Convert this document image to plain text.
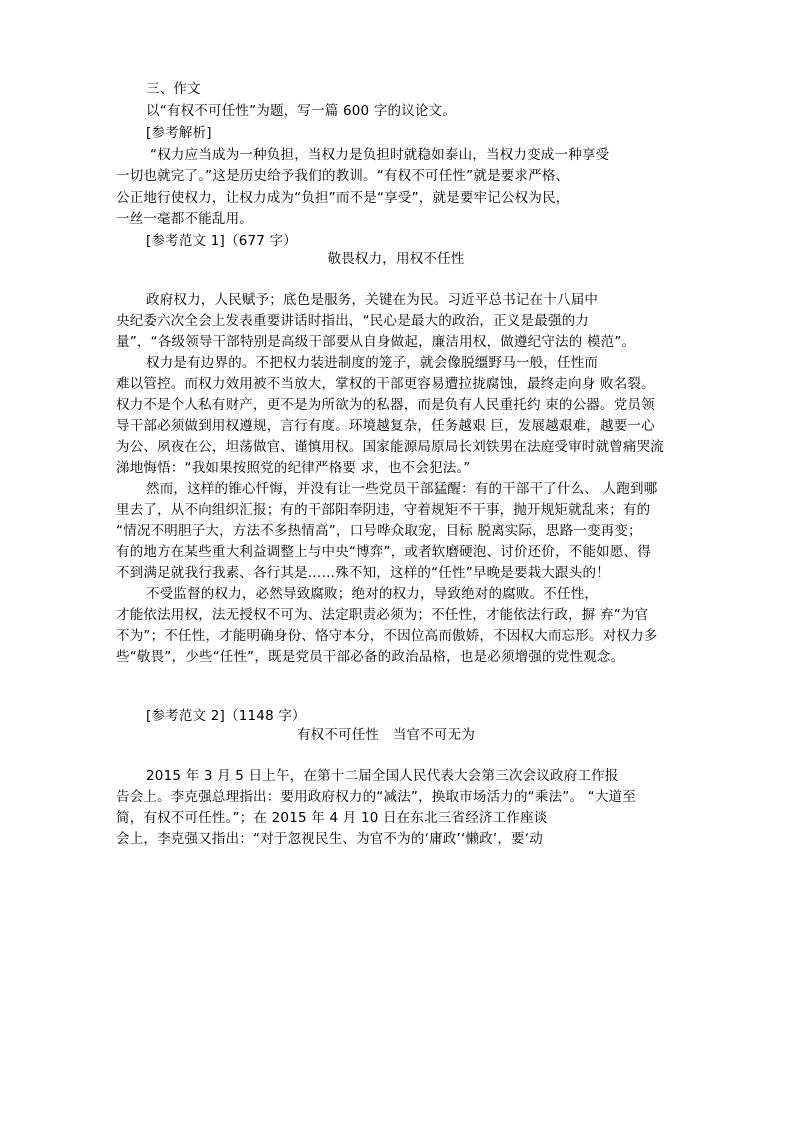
三、作文
以“有权不可任性”为题，写一篇 600 字的议论文。
[参考解析]
“权力应当成为一种负担，当权力是负担时就稳如泰山，当权力变成一种享受
一切也就完了。”这是历史给予我们的教训。“有权不可任性”就是要求严格、
公正地行使权力，让权力成为“负担”而不是“享受”，就是要牢记公权为民，
一丝一毫都不能乱用。
[参考范文 1]（677 字）
敬畏权力，用权不任性
政府权力，人民赋予；底色是服务，关键在为民。习近平总书记在十八届中
央纪委六次全会上发表重要讲话时指出，“民心是最大的政治，正义是最强的力
量”，“各级领导干部特别是高级干部要从自身做起，廉洁用权，做遵纪守法的 模范”。
权力是有边界的。不把权力装进制度的笼子，就会像脱缰野马一般，任性而
难以管控。而权力效用被不当放大，掌权的干部更容易遭拉拢腐蚀，最终走向身 败名裂。
权力不是个人私有财产，更不是为所欲为的私器，而是负有人民重托约 束的公器。党员领
导干部必须做到用权遵规，言行有度。环境越复杂，任务越艰 巨，发展越艰难，越要一心
为公、夙夜在公，坦荡做官、谨慎用权。国家能源局原局长刘铁男在法庭受审时就曾痛哭流
涕地悔悟：“我如果按照党的纪律严格要 求，也不会犯法。”
然而，这样的锥心忏悔，并没有让一些党员干部猛醒：有的干部干了什么、 人跑到哪
里去了，从不向组织汇报；有的干部阳奉阴违，守着规矩不干事，抛开规矩就乱来；有的
“情况不明胆子大，方法不多热情高”，口号哗众取宠，目标 脱离实际，思路一变再变；
有的地方在某些重大利益调整上与中央“博弈”，或者软磨硬泡、讨价还价，不能如愿、得
不到满足就我行我素、各行其是……殊不知，这样的“任性”早晚是要栽大跟头的！
不受监督的权力，必然导致腐败；绝对的权力，导致绝对的腐败。不任性，
才能依法用权，法无授权不可为、法定职责必须为；不任性，才能依法行政，摒 弃“为官
不为”；不任性，才能明确身份、恪守本分，不因位高而傲娇，不因权大而忘形。对权力多
些“敬畏”，少些“任性”，既是党员干部必备的政治品格，也是必须增强的党性观念。
[参考范文 2]（1148 字）
有权不可任性　当官不可无为
2015 年 3 月 5 日上午，在第十二届全国人民代表大会第三次会议政府工作报
告会上。李克强总理指出：要用政府权力的“减法”，换取市场活力的“乘法”。 “大道至
简，有权不可任性。”；在 2015 年 4 月 10 日在东北三省经济工作座谈
会上，李克强又指出：“对于忽视民生、为官不为的‘庸政’‘懒政’，要‘动
